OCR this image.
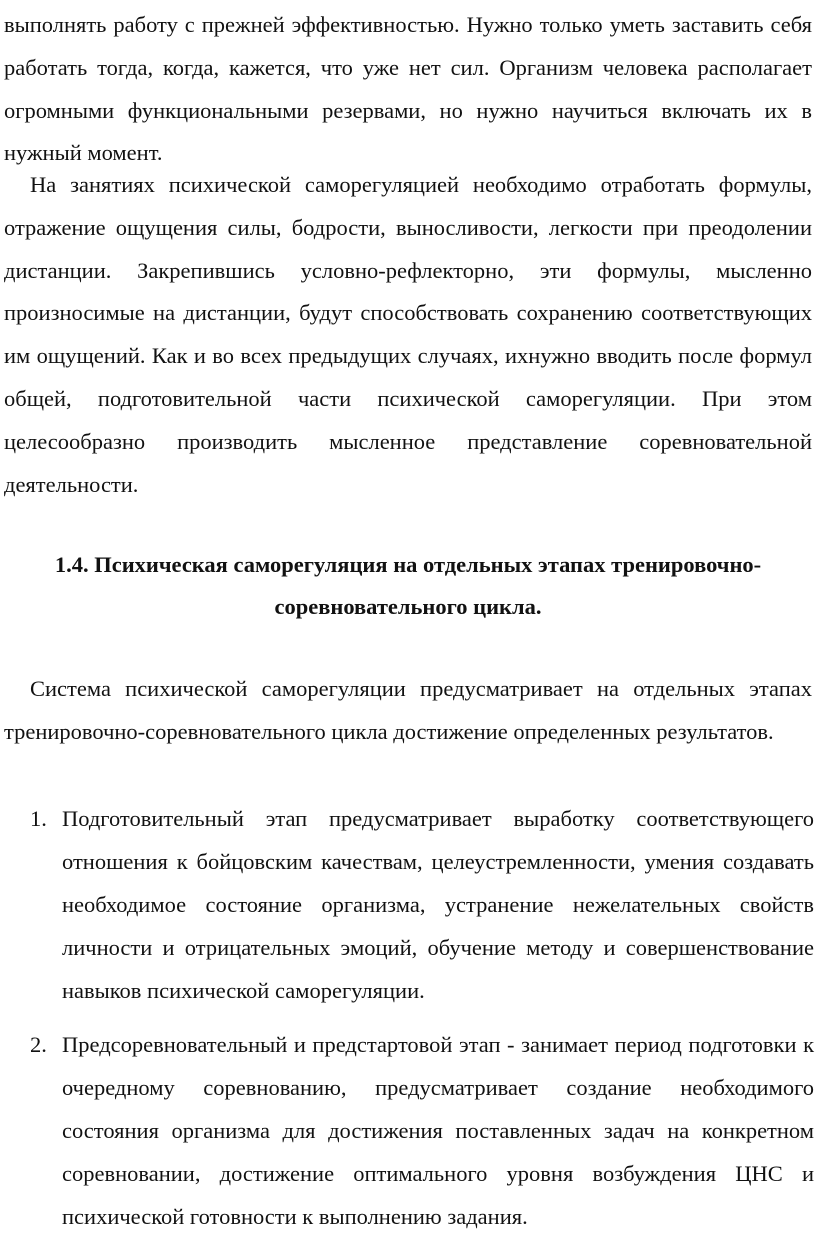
выполнять работу с прежней эффективностью. Нужно только уметь заставить себя работать тогда, когда, кажется, что уже нет сил. Организм человека располагает огромными функциональными резервами, но нужно научиться включать их в нужный момент.

На занятиях психической саморегуляцией необходимо отработать формулы, отражение ощущения силы, бодрости, выносливости, легкости при преодолении дистанции. Закрепившись условно-рефлекторно, эти формулы, мысленно произносимые на дистанции, будут способствовать сохранению соответствующих им ощущений. Как и во всех предыдущих случаях, ихнужно вводить после формул общей, подготовительной части психической саморегуляции. При этом целесообразно производить мысленное представление соревновательной деятельности.

1.4. Психическая саморегуляция на отдельных этапах тренировочно-

соревновательного цикла.

Система психической саморегуляции предусматривает на отдельных этапах тренировочно-соревновательного цикла достижение определенных результатов.

1. Подготовительный этап предусматривает выработку соответствующего отношения к бойцовским качествам, целеустремленности, умения создавать необходимое состояние организма, устранение нежелательных свойств личности и отрицательных эмоций, обучение методу и совершенствование навыков психической саморегуляции.
2. Предсоревновательный и предстартовой этап - занимает период подготовки к очередному соревнованию, предусматривает создание необходимого состояния организма для достижения поставленных задач на конкретном соревновании, достижение оптимального уровня возбуждения ЦНС и психической готовности к выполнению задания.
